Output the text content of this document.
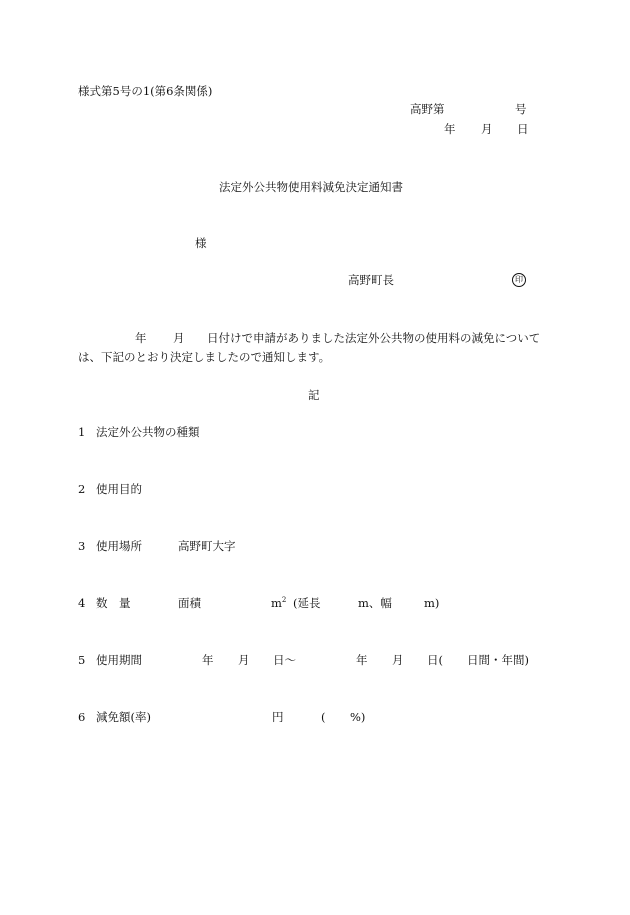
様式第5号の1(第6条関係)
高野第	号
年 月 日
法定外公共物使用料減免決定通知書
様
高野町長	印
年 月 日付けで申請がありました法定外公共物の使用料の減免について
は、下記のとおり決定しましたので通知します。
記
1 法定外公共物の種類
2 使用目的
3 使用場所	高野町大字
4 数　量	面積	$m^2$ (延長	m、幅	m)
5 使用期間	年 月 日～	年 月 日( 日間・年間)
6 減免額(率)	円	( %)
